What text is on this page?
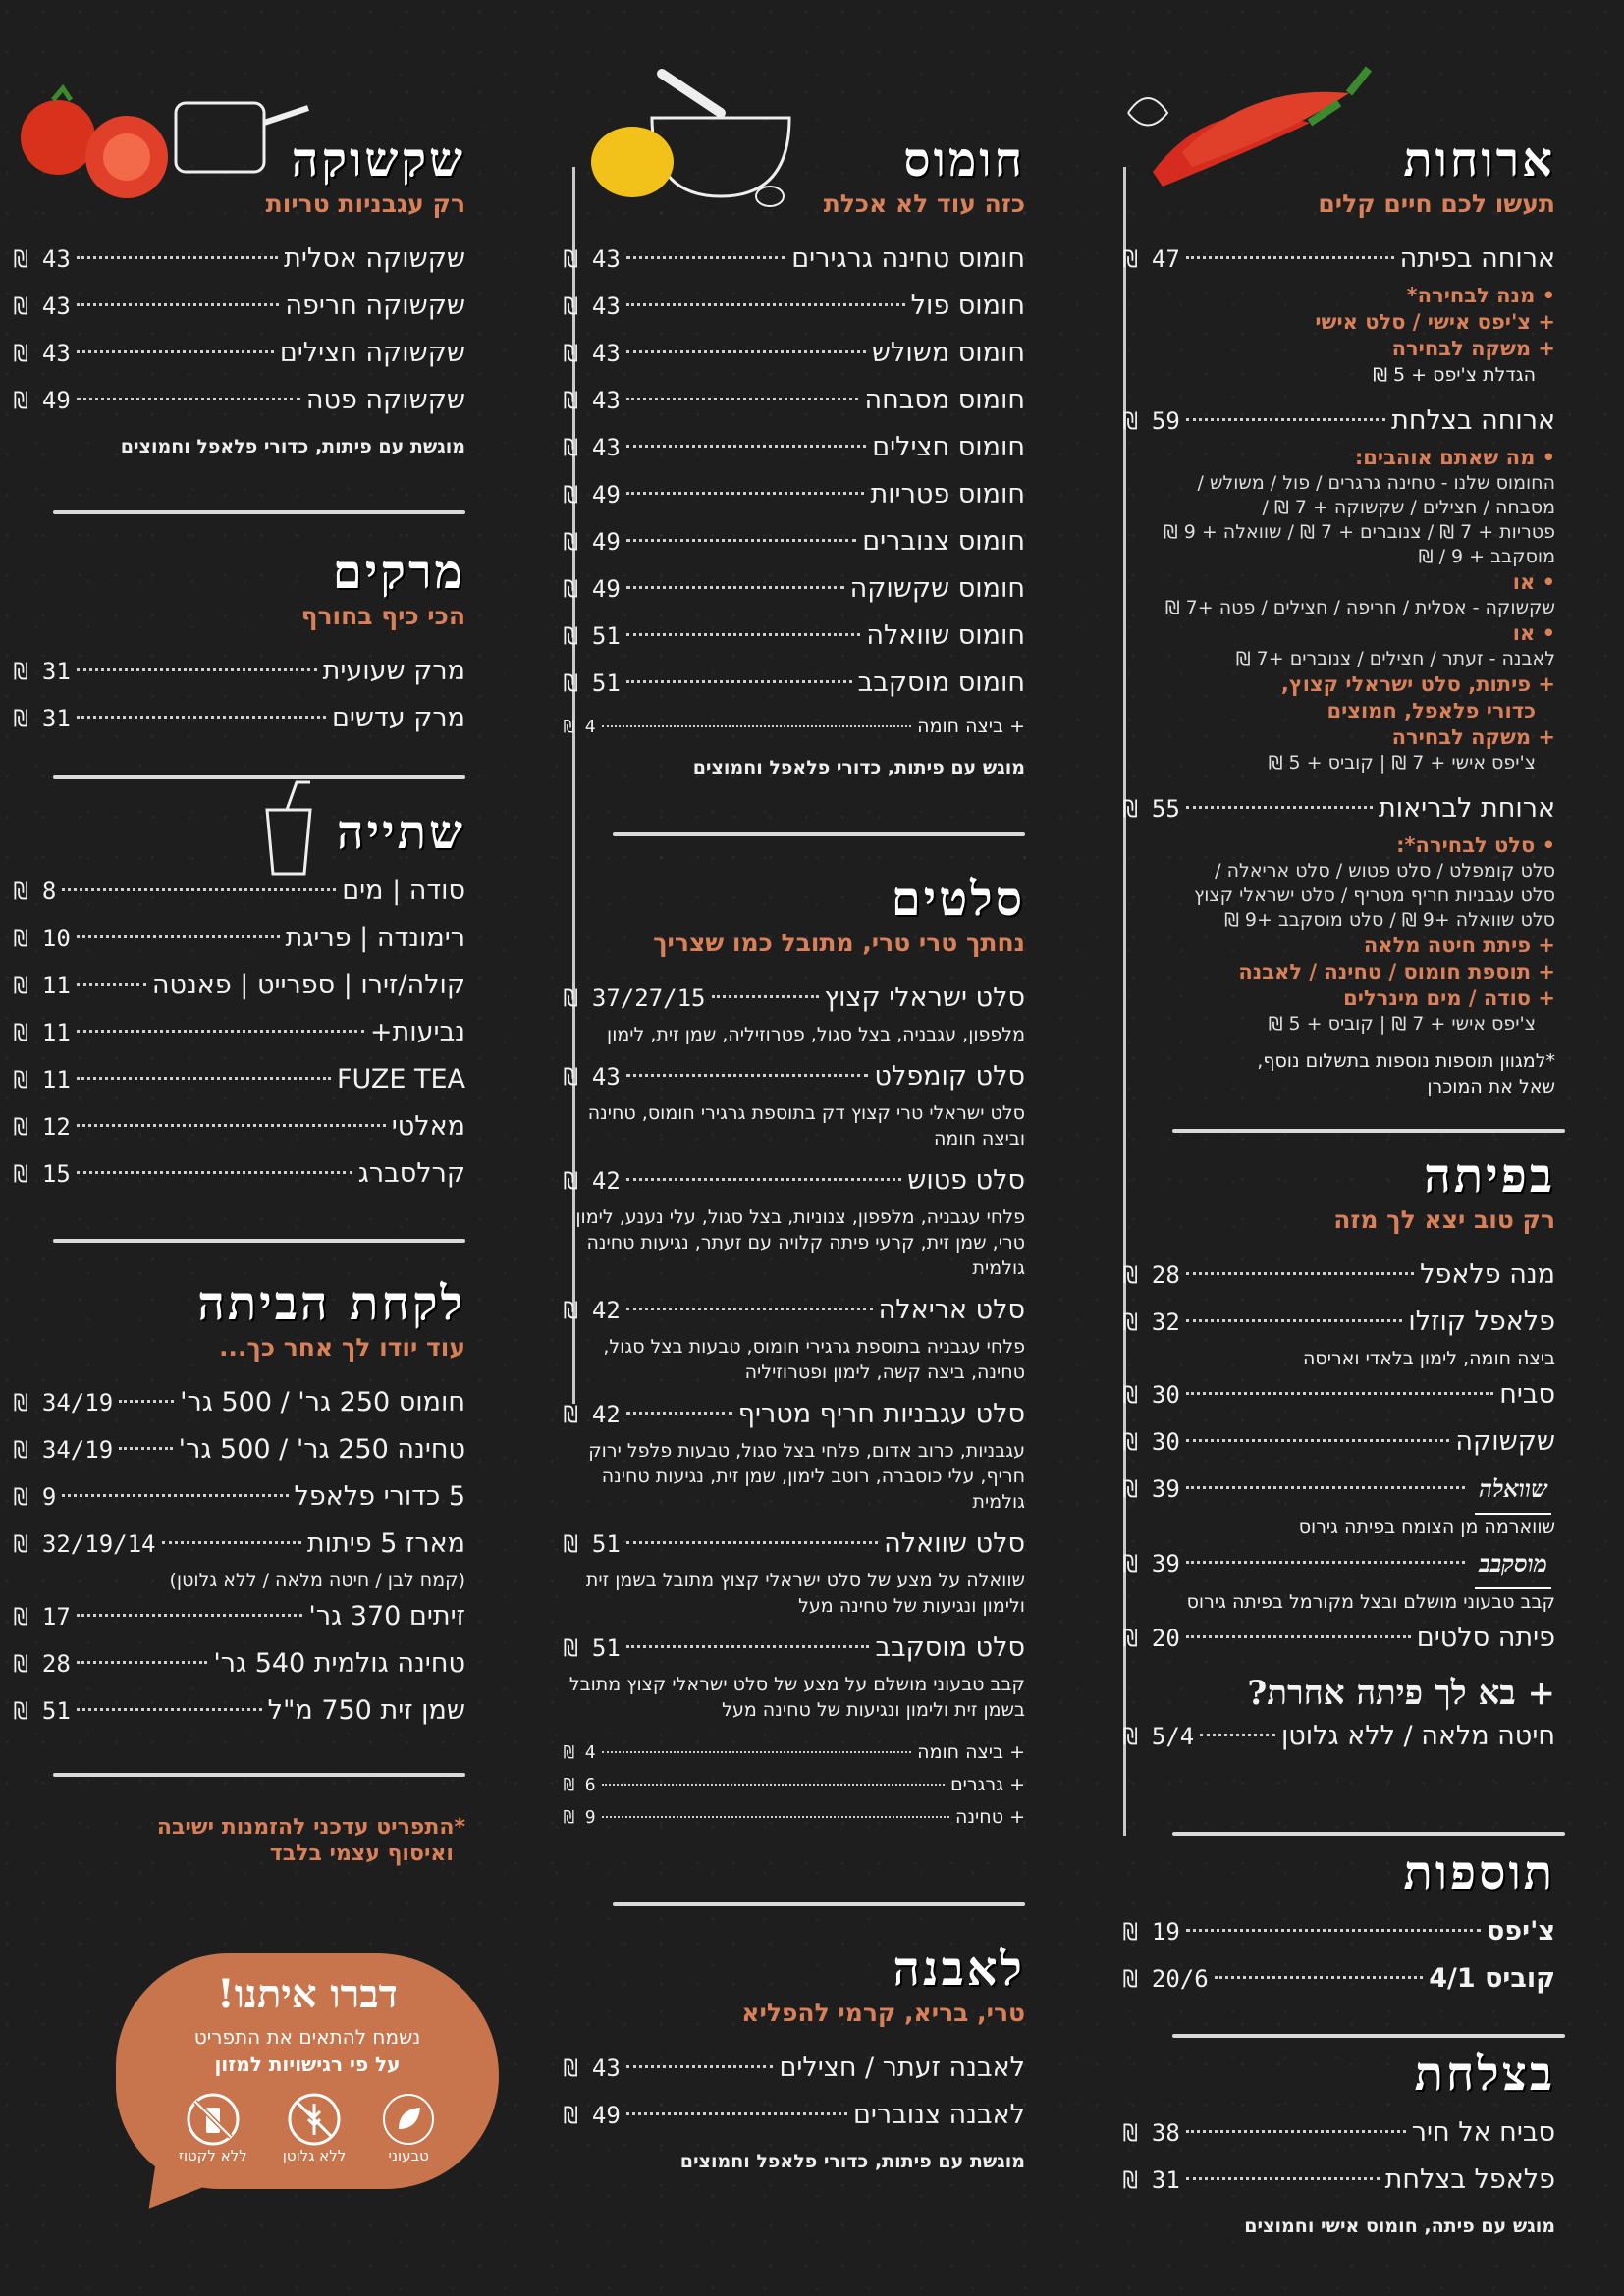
ארוחות
תעשו לכם חיים קלים
ארוחה בפיתה
47 ₪
• מנה לבחירה*
+ צ'יפס אישי / סלט אישי
+ משקה לבחירה
הגדלת צ'יפס + 5 ₪
ארוחה בצלחת
59 ₪
• מה שאתם אוהבים:
החומוס שלנו - טחינה גרגרים / פול / משולש /
מסבחה / חצילים / שקשוקה + 7 ₪ /
פטריות + 7 ₪ / צנוברים + 7 ₪ / שוואלה + 9 ₪
מוסקבב + 9 / ₪
• או
שקשוקה - אסלית / חריפה / חצילים / פטה +7 ₪
• או
לאבנה - זעתר / חצילים / צנוברים +7 ₪
+ פיתות, סלט ישראלי קצוץ,
כדורי פלאפל, חמוצים
+ משקה לבחירה
צ'יפס אישי + 7 ₪ | קוביס + 5 ₪
ארוחת לבריאות
55 ₪
• סלט לבחירה*:
סלט קומפלט / סלט פטוש / סלט אריאלה /
סלט עגבניות חריף מטריף / סלט ישראלי קצוץ
סלט שוואלה +9 ₪ / סלט מוסקבב +9 ₪
+ פיתת חיטה מלאה
+ תוספת חומוס / טחינה / לאבנה
+ סודה / מים מינרלים
צ'יפס אישי + 7 ₪ | קוביס + 5 ₪
*למגוון תוספות נוספות בתשלום נוסף, שאל את המוכרן
בפיתה
רק טוב יצא לך מזה
מנה פלאפל
28 ₪
פלאפל קוזלו
32 ₪
ביצה חומה, לימון בלאדי ואריסה
סביח
30 ₪
שקשוקה
30 ₪
שוואלה
39 ₪
שווארמה מן הצומח בפיתה גירוס
מוסקבב
39 ₪
קבב טבעוני מושלם ובצל מקורמל בפיתה גירוס
פיתה סלטים
20 ₪
+ בא לך פיתה אחרת?
חיטה מלאה / ללא גלוטן
5/4 ₪
תוספות
צ'יפס
19 ₪
קוביס 4/1
20/6 ₪
בצלחת
סביח אל חיר
38 ₪
פלאפל בצלחת
31 ₪
מוגש עם פיתה, חומוס אישי וחמוצים
חומוס
כזה עוד לא אכלת
חומוס טחינה גרגירים
43 ₪
חומוס פול
43 ₪
חומוס משולש
43 ₪
חומוס מסבחה
43 ₪
חומוס חצילים
43 ₪
חומוס פטריות
49 ₪
חומוס צנוברים
49 ₪
חומוס שקשוקה
49 ₪
חומוס שוואלה
51 ₪
חומוס מוסקבב
51 ₪
+ ביצה חומה
4 ₪
מוגש עם פיתות, כדורי פלאפל וחמוצים
סלטים
נחתך טרי טרי, מתובל כמו שצריך
סלט ישראלי קצוץ
37/27/15 ₪
מלפפון, עגבניה, בצל סגול, פטרוזיליה, שמן זית, לימון
סלט קומפלט
43 ₪
סלט ישראלי טרי קצוץ דק בתוספת גרגירי חומוס, טחינה וביצה חומה
סלט פטוש
42 ₪
פלחי עגבניה, מלפפון, צנוניות, בצל סגול, עלי נענע, לימון טרי, שמן זית, קרעי פיתה קלויה עם זעתר, נגיעות טחינה גולמית
סלט אריאלה
42 ₪
פלחי עגבניה בתוספת גרגירי חומוס, טבעות בצל סגול, טחינה, ביצה קשה, לימון ופטרוזיליה
סלט עגבניות חריף מטריף
42 ₪
עגבניות, כרוב אדום, פלחי בצל סגול, טבעות פלפל ירוק חריף, עלי כוסברה, רוטב לימון, שמן זית, נגיעות טחינה גולמית
סלט שוואלה
51 ₪
שוואלה על מצע של סלט ישראלי קצוץ מתובל בשמן זית ולימון ונגיעות של טחינה מעל
סלט מוסקבב
51 ₪
קבב טבעוני מושלם על מצע של סלט ישראלי קצוץ מתובל בשמן זית ולימון ונגיעות של טחינה מעל
+ ביצה חומה
4 ₪
+ גרגרים
6 ₪
+ טחינה
9 ₪
לאבנה
טרי, בריא, קרמי להפליא
לאבנה זעתר / חצילים
43 ₪
לאבנה צנוברים
49 ₪
מוגשת עם פיתות, כדורי פלאפל וחמוצים
שקשוקה
רק עגבניות טריות
שקשוקה אסלית
43 ₪
שקשוקה חריפה
43 ₪
שקשוקה חצילים
43 ₪
שקשוקה פטה
49 ₪
מוגשת עם פיתות, כדורי פלאפל וחמוצים
מרקים
הכי כיף בחורף
מרק שעועית
31 ₪
מרק עדשים
31 ₪
שתייה
סודה | מים
8 ₪
רימונדה | פריגת
10 ₪
קולה/זירו | ספרייט | פאנטה
11 ₪
נביעות+
11 ₪
FUZE TEA
11 ₪
מאלטי
12 ₪
קרלסברג
15 ₪
לקחת הביתה
עוד יודו לך אחר כך...
חומוס 250 גר' / 500 גר'
34/19 ₪
טחינה 250 גר' / 500 גר'
34/19 ₪
5 כדורי פלאפל
9 ₪
מארז 5 פיתות
32/19/14 ₪
(קמח לבן / חיטה מלאה / ללא גלוטן)
זיתים 370 גר'
17 ₪
טחינה גולמית 540 גר'
28 ₪
שמן זית 750 מ"ל
51 ₪
*התפריט עדכני להזמנות ישיבה
ואיסוף עצמי בלבד
דברו איתנו!

נשמח להתאים את התפריט

על פי רגישויות למזון

טבעוני
ללא גלוטן
ללא לקטוז
